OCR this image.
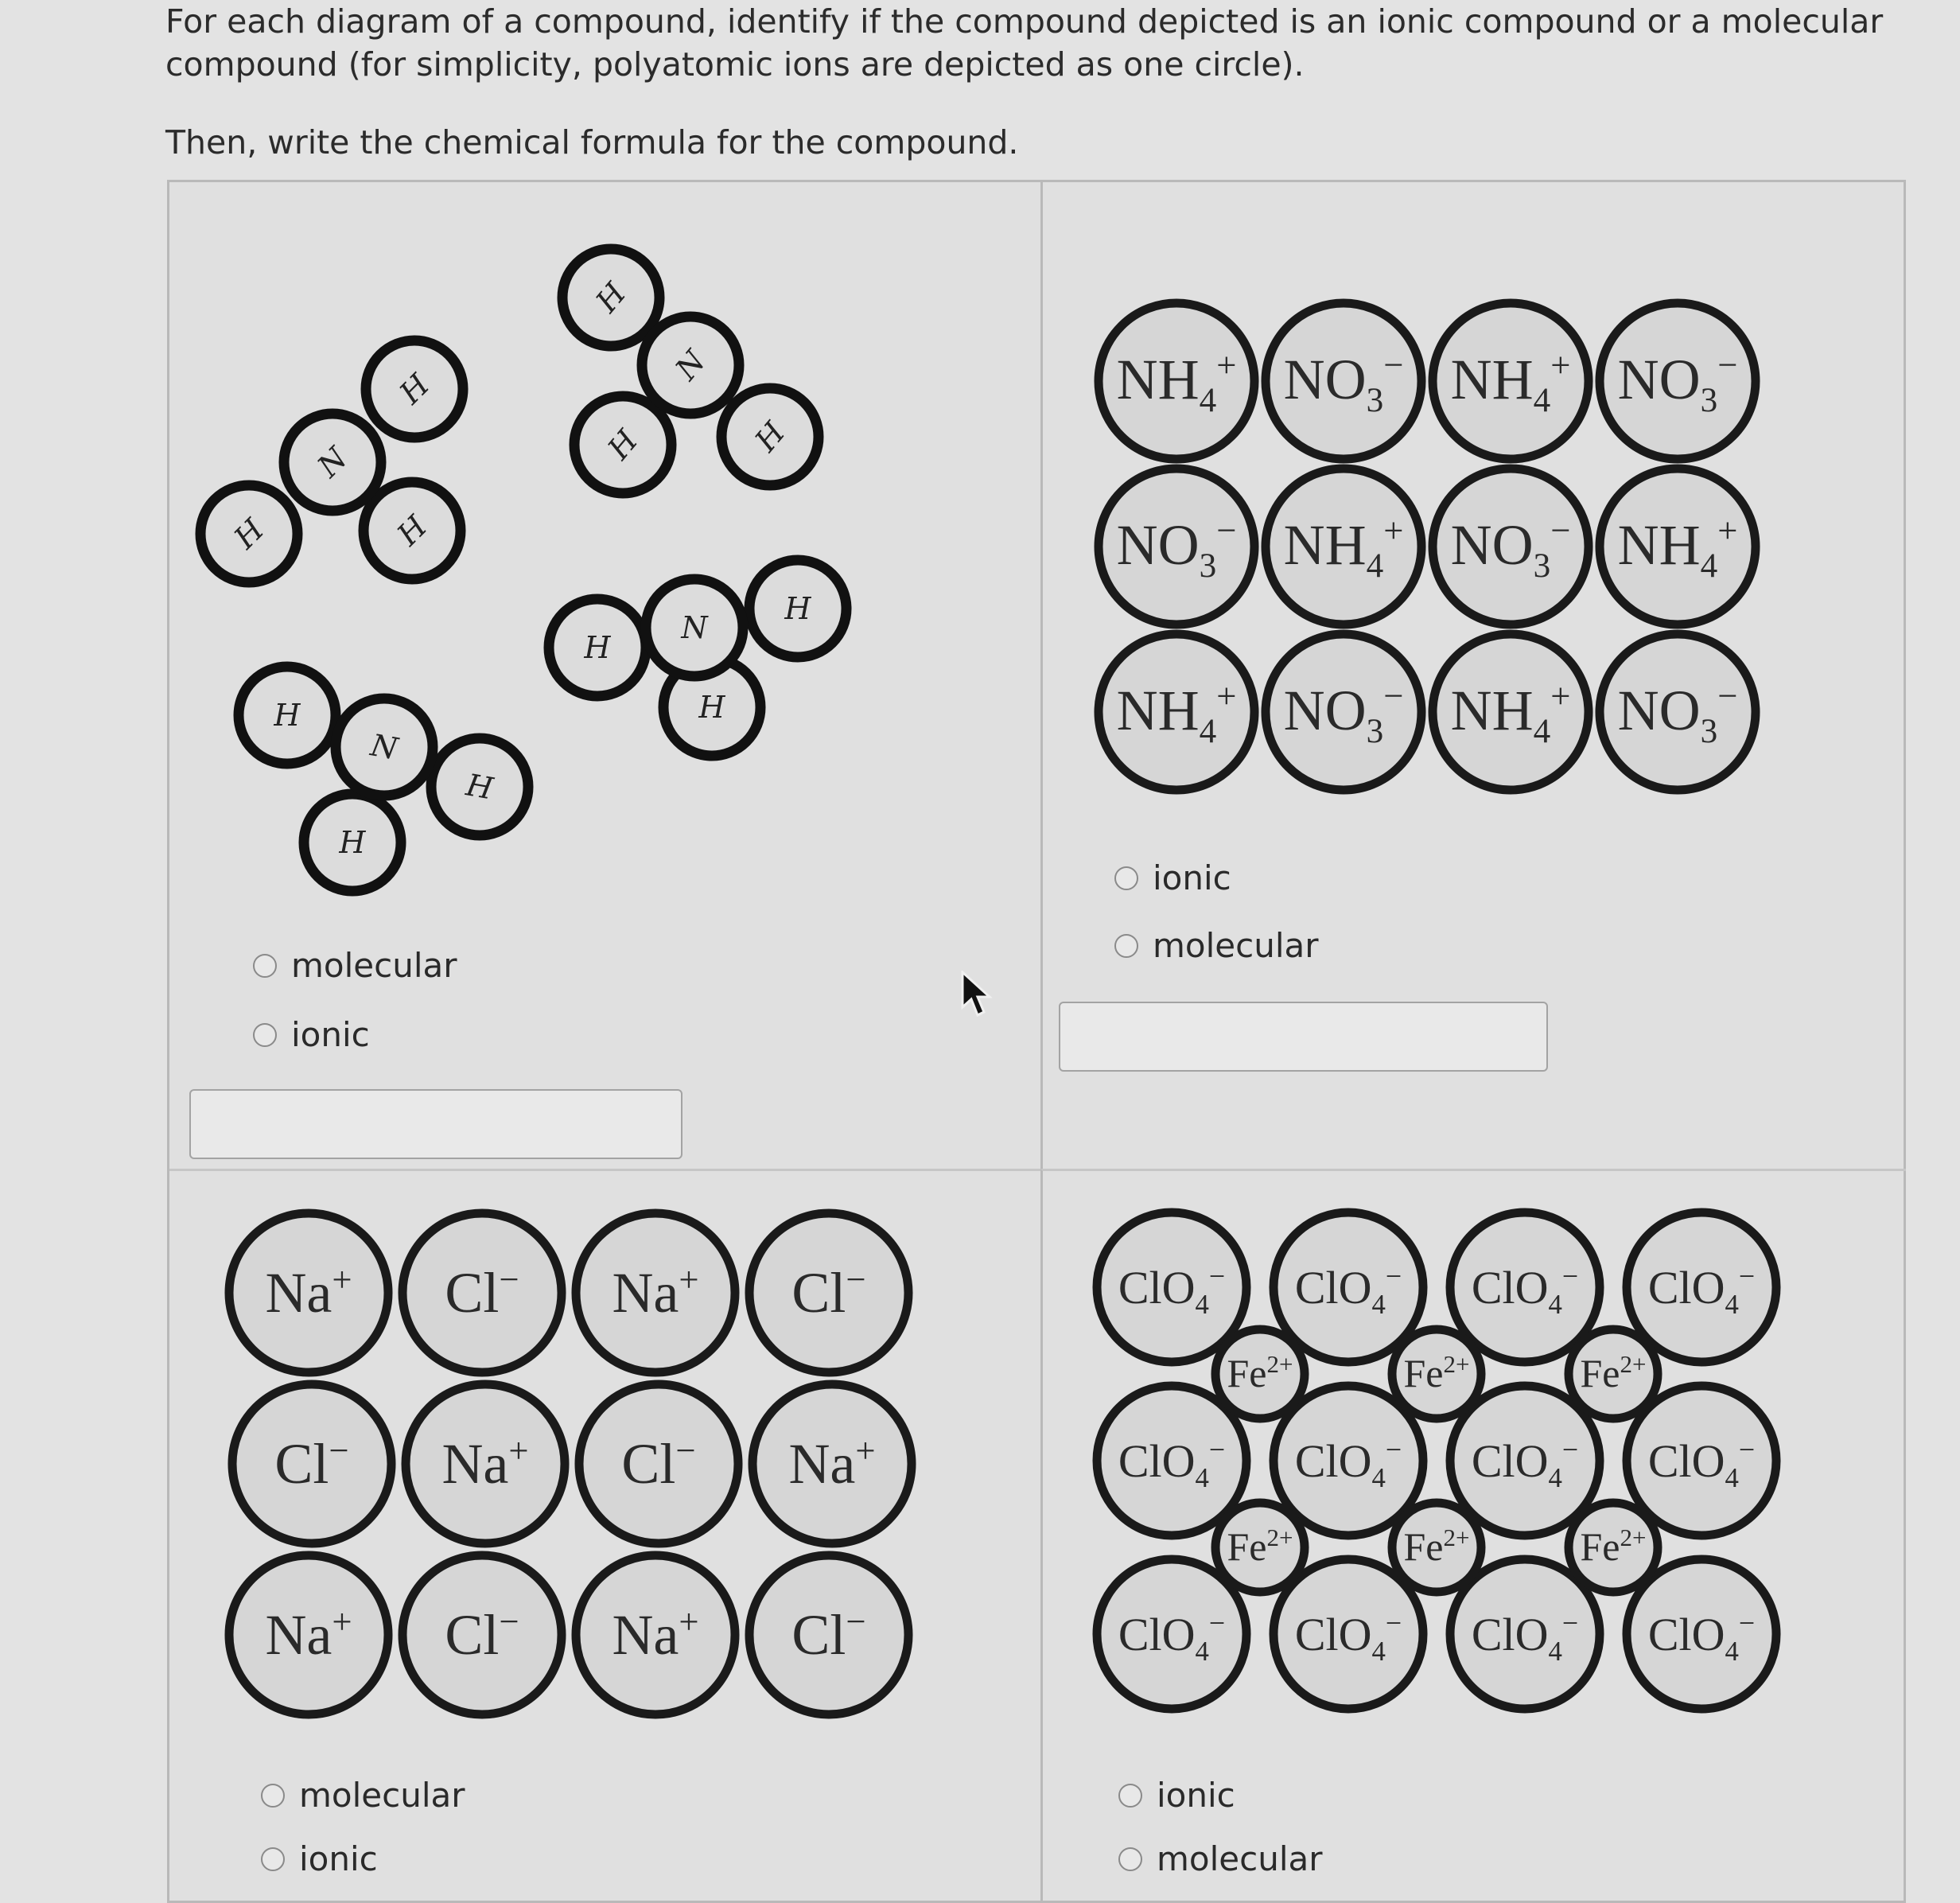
For each diagram of a compound, identify if the compound depicted is an ionic compound or a molecular compound (for simplicity, polyatomic ions are depicted as one circle).

Then, write the chemical formula for the compound.

H
H
H
N
H
H	H
N
H
H
H
N
H
H
H
N
molecular
ionic
$NH_4^+$ $NO_3^-$ $NH_4^+$ $NO_3^-$
$NO_3^-$ $NH_4^+$ $NO_3^-$ $NH_4^+$
$NH_4^+$ $NO_3^-$ $NH_4^+$ $NO_3^-$
ionic
molecular
Na+ Cl− Na+ Cl−
Cl− Na+ Cl− Na+
Na+ Cl− Na+ Cl−
molecular
ionic
ClO$_4$− ClO$_4$− ClO$_4$− ClO$_4$−
ClO$_4$− ClO$_4$− ClO$_4$− ClO$_4$−
ClO$_4$− ClO$_4$− ClO$_4$− ClO$_4$−
$Fe^{2+}$	$Fe^{2+}$	$Fe^{2+}$
$Fe^{2+}$	$Fe^{2+}$	$Fe^{2+}$
ionic
molecular
